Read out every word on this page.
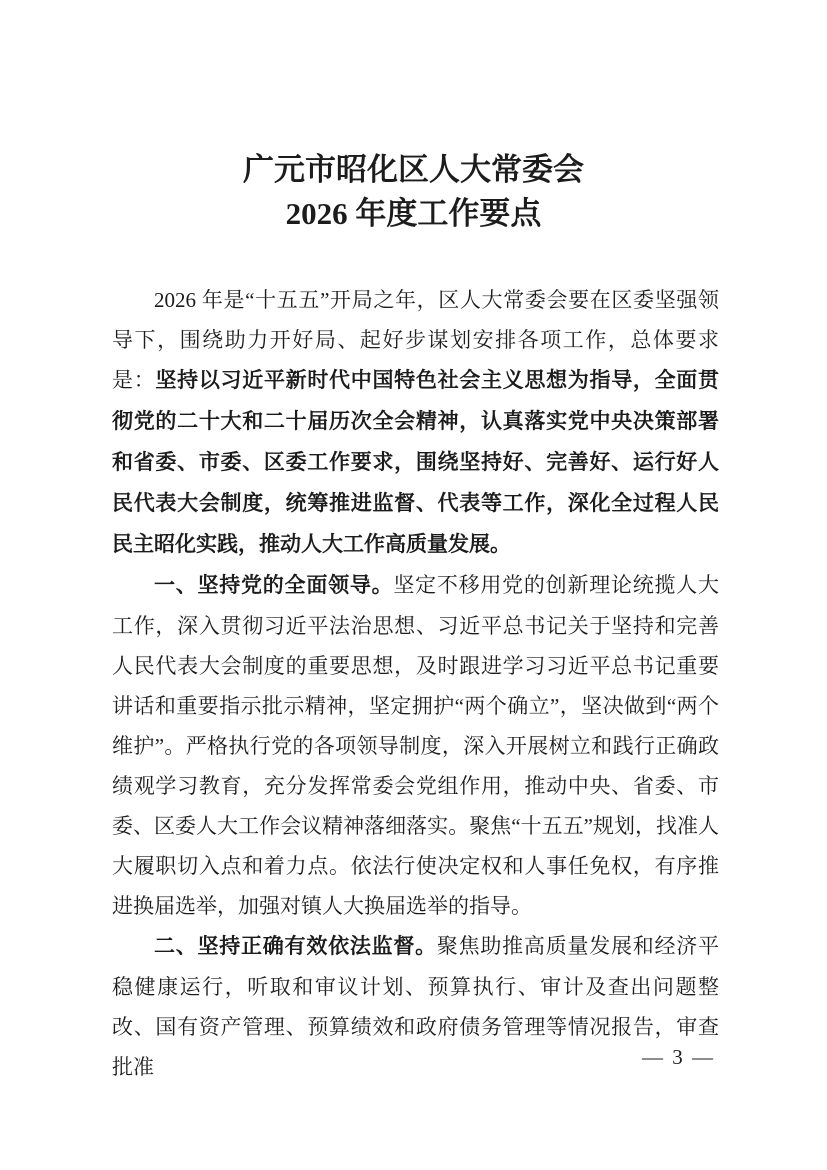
广元市昭化区人大常委会
2026 年度工作要点

2026 年是“十五五”开局之年，区人大常委会要在区委坚强领导下，围绕助力开好局、起好步谋划安排各项工作，总体要求是：坚持以习近平新时代中国特色社会主义思想为指导，全面贯彻党的二十大和二十届历次全会精神，认真落实党中央决策部署和省委、市委、区委工作要求，围绕坚持好、完善好、运行好人民代表大会制度，统筹推进监督、代表等工作，深化全过程人民民主昭化实践，推动人大工作高质量发展。

一、坚持党的全面领导。坚定不移用党的创新理论统揽人大工作，深入贯彻习近平法治思想、习近平总书记关于坚持和完善人民代表大会制度的重要思想，及时跟进学习习近平总书记重要讲话和重要指示批示精神，坚定拥护“两个确立”，坚决做到“两个维护”。严格执行党的各项领导制度，深入开展树立和践行正确政绩观学习教育，充分发挥常委会党组作用，推动中央、省委、市委、区委人大工作会议精神落细落实。聚焦“十五五”规划，找准人大履职切入点和着力点。依法行使决定权和人事任免权，有序推进换届选举，加强对镇人大换届选举的指导。

二、坚持正确有效依法监督。聚焦助推高质量发展和经济平稳健康运行，听取和审议计划、预算执行、审计及查出问题整改、国有资产管理、预算绩效和政府债务管理等情况报告，审查批准	— 3 —
